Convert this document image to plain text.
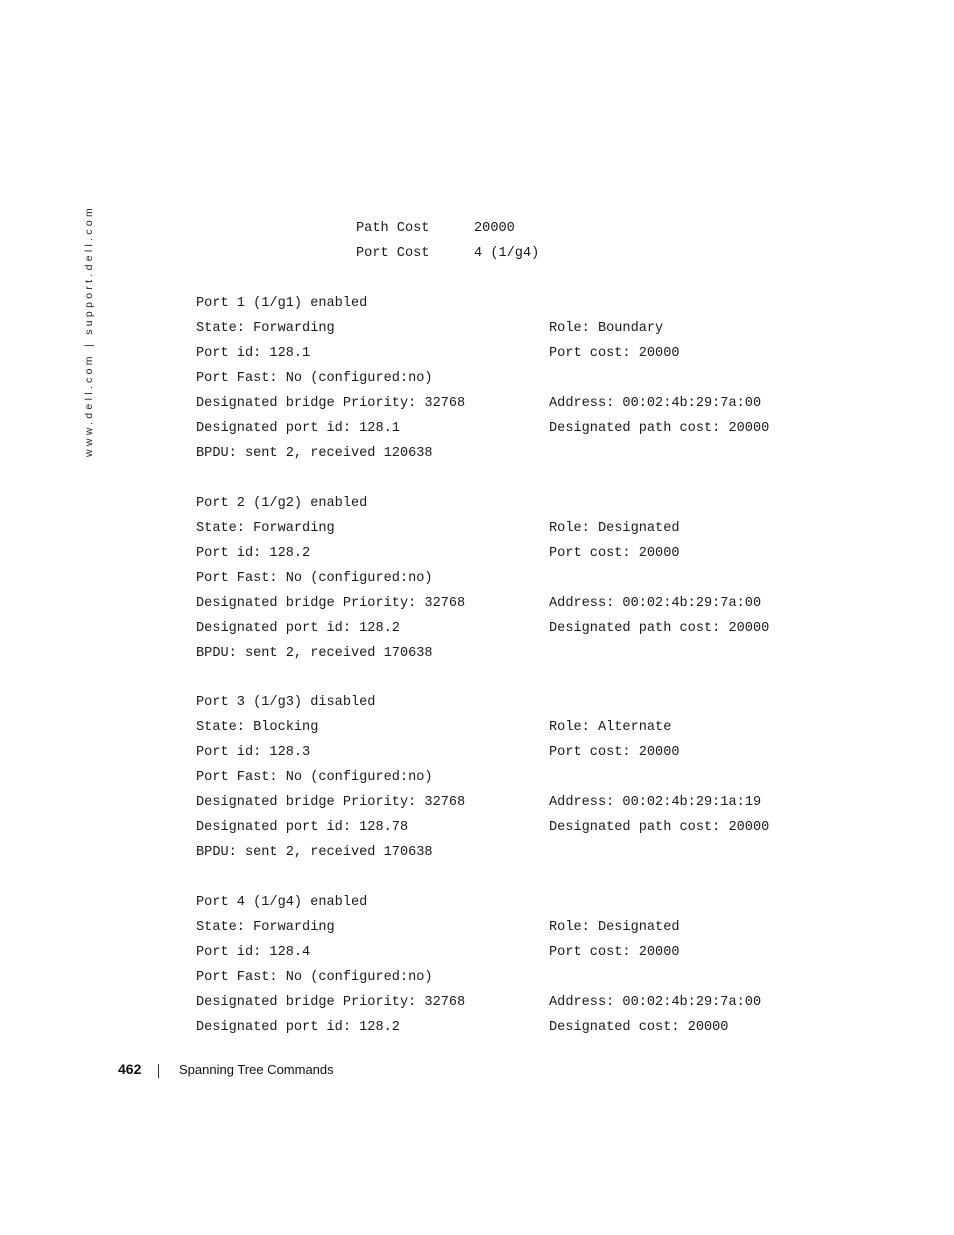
www.dell.com | support.dell.com	Path Cost	20000
Port Cost	4 (1/g4)
Port 1 (1/g1) enabled
State: Forwarding	Role: Boundary
Port id: 128.1	Port cost: 20000
Port Fast: No (configured:no)
Designated bridge Priority: 32768	Address: 00:02:4b:29:7a:00
Designated port id: 128.1	Designated path cost: 20000
BPDU: sent 2, received 120638
Port 2 (1/g2) enabled
State: Forwarding	Role: Designated
Port id: 128.2	Port cost: 20000
Port Fast: No (configured:no)
Designated bridge Priority: 32768	Address: 00:02:4b:29:7a:00
Designated port id: 128.2	Designated path cost: 20000
BPDU: sent 2, received 170638
Port 3 (1/g3) disabled
State: Blocking	Role: Alternate
Port id: 128.3	Port cost: 20000
Port Fast: No (configured:no)
Designated bridge Priority: 32768	Address: 00:02:4b:29:1a:19
Designated port id: 128.78	Designated path cost: 20000
BPDU: sent 2, received 170638
Port 4 (1/g4) enabled
State: Forwarding	Role: Designated
Port id: 128.4	Port cost: 20000
Port Fast: No (configured:no)
Designated bridge Priority: 32768	Address: 00:02:4b:29:7a:00
Designated port id: 128.2	Designated cost: 20000
462	Spanning Tree Commands
